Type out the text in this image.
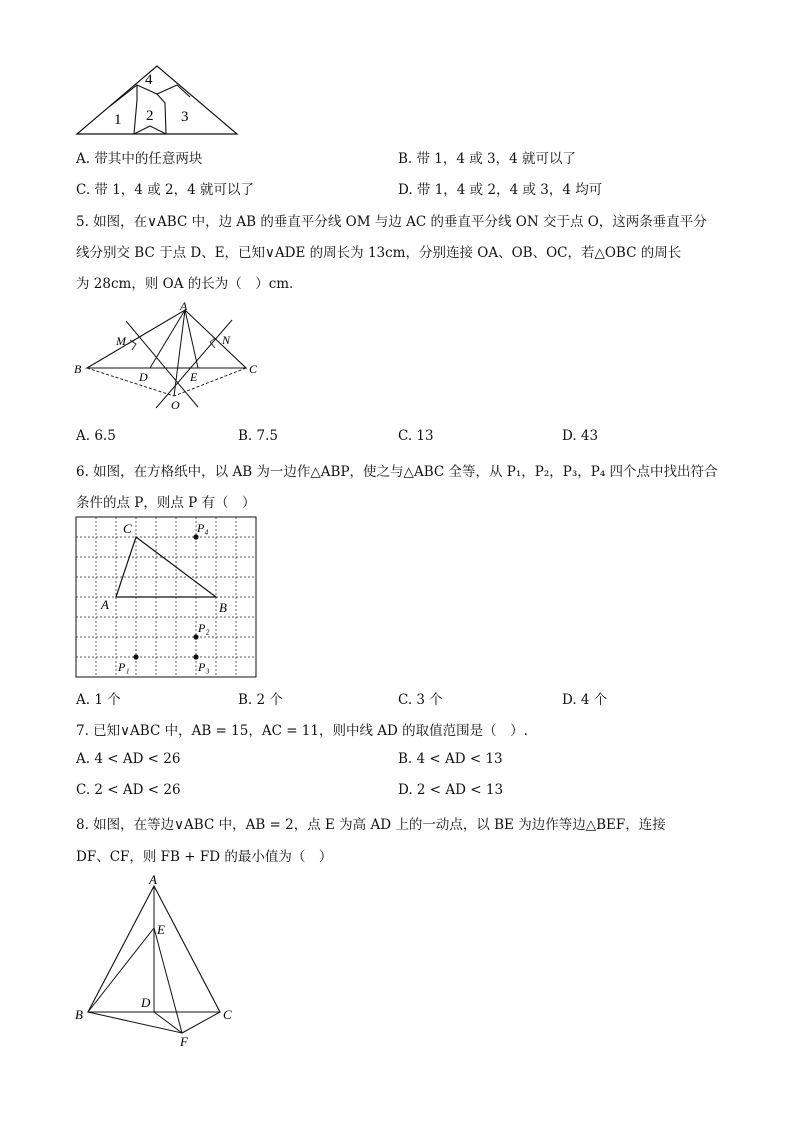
4
1 2 3
A. 带其中的任意两块	B. 带 1，4 或 3，4 就可以了
C. 带 1，4 或 2，4 就可以了	D. 带 1，4 或 2，4 或 3，4 均可
5. 如图，在∨ABC 中，边 AB 的垂直平分线 OM 与边 AC 的垂直平分线 ON 交于点 O，这两条垂直平分
线分别交 BC 于点 D、E，已知∨ADE 的周长为 13cm，分别连接 OA、OB、OC，若△OBC 的周长
为 28cm，则 OA 的长为（　）cm．
A
M	N
B	C
D	E
O
A. 6.5	B. 7.5	C. 13	D. 43
6. 如图，在方格纸中，以 AB 为一边作△ABP，使之与△ABC 全等，从 P₁，P₂，P₃，P₄ 四个点中找出符合
条件的点 P，则点 P 有（　）
C
A	B
P₄
P₂
P₁	P₃
A. 1 个	B. 2 个	C. 3 个	D. 4 个
7. 已知∨ABC 中，AB = 15，AC = 11，则中线 AD 的取值范围是（　）.
A. 4 < AD < 26	B. 4 < AD < 13
C. 2 < AD < 26	D. 2 < AD < 13
8. 如图，在等边∨ABC 中，AB = 2，点 E 为高 AD 上的一动点，以 BE 为边作等边△BEF，连接
DF、CF，则 FB + FD 的最小值为（　）
A
E
D
B	C
F
